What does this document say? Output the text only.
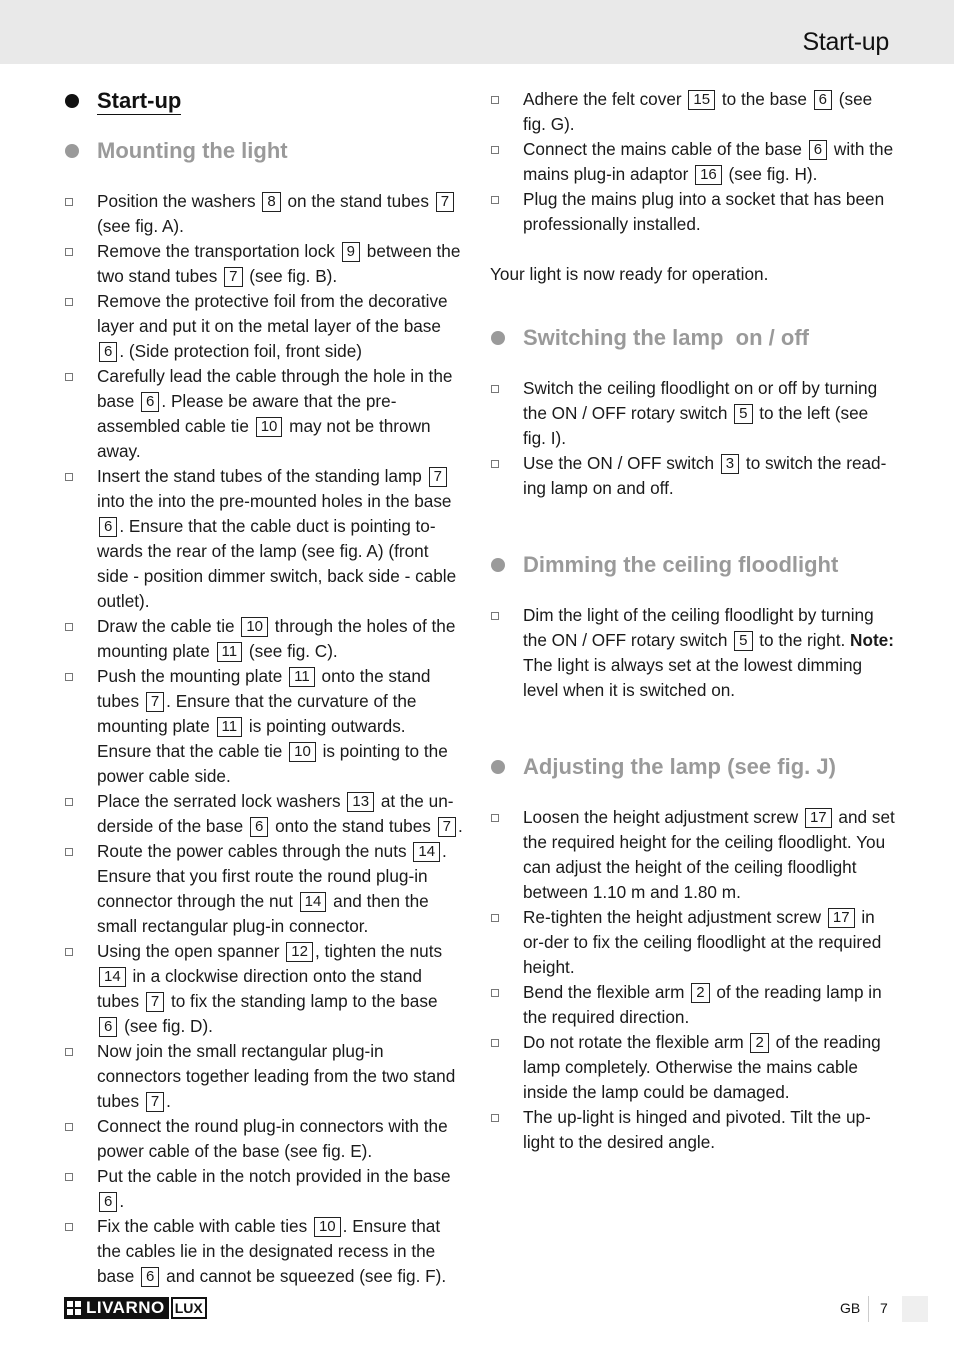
Start-up
Start-up
Mounting the light
Position the washers 8 on the stand tubes 7 (see fig. A).
Remove the transportation lock 9 between the two stand tubes 7 (see fig. B).
Remove the protective foil from the decorative layer and put it on the metal layer of the base 6 . (Side protection foil, front side)
Carefully lead the cable through the hole in the base 6 . Please be aware that the pre-assembled cable tie 10 may not be thrown away.
Insert the stand tubes of the standing lamp 7 into the into the pre-mounted holes in the base 6 . Ensure that the cable duct is pointing to-wards the rear of the lamp (see fig. A) (front side - position dimmer switch, back side - cable outlet).
Draw the cable tie 10 through the holes of the mounting plate 11 (see fig. C).
Push the mounting plate 11 onto the stand tubes 7 . Ensure that the curvature of the mounting plate 11 is pointing outwards. Ensure that the cable tie 10 is pointing to the power cable side.
Place the serrated lock washers 13 at the un-derside of the base 6 onto the stand tubes 7 .
Route the power cables through the nuts 14 . Ensure that you first route the round plug-in connector through the nut 14 and then the small rectangular plug-in connector.
Using the open spanner 12 , tighten the nuts 14 in a clockwise direction onto the stand tubes 7 to fix the standing lamp to the base 6 (see fig. D).
Now join the small rectangular plug-in connectors together leading from the two stand tubes 7 .
Connect the round plug-in connectors with the power cable of the base (see fig. E).
Put the cable in the notch provided in the base 6 .
Fix the cable with cable ties 10 . Ensure that the cables lie in the designated recess in the base 6 and cannot be squeezed (see fig. F).
Adhere the felt cover 15 to the base 6 (see fig. G).
Connect the mains cable of the base 6 with the mains plug-in adaptor 16 (see fig. H).
Plug the mains plug into a socket that has been professionally installed.
Your light is now ready for operation.
Switching the lamp  on / off
Switch the ceiling floodlight on or off by turning the ON / OFF rotary switch 5 to the left (see fig. I).
Use the ON / OFF switch 3 to switch the read-ing lamp on and off.
Dimming the ceiling floodlight
Dim the light of the ceiling floodlight by turning the ON / OFF rotary switch 5 to the right. Note: The light is always set at the lowest dimming level when it is switched on.
Adjusting the lamp (see fig. J)
Loosen the height adjustment screw 17 and set the required height for the ceiling floodlight. You can adjust the height of the ceiling floodlight between 1.10 m and 1.80 m.
Re-tighten the height adjustment screw 17 in or-der to fix the ceiling floodlight at the required height.
Bend the flexible arm 2 of the reading lamp in the required direction.
Do not rotate the flexible arm 2 of the reading lamp completely. Otherwise the mains cable inside the lamp could be damaged.
The up-light is hinged and pivoted. Tilt the up-light to the desired angle.
LIVARNO LUX	GB 7
